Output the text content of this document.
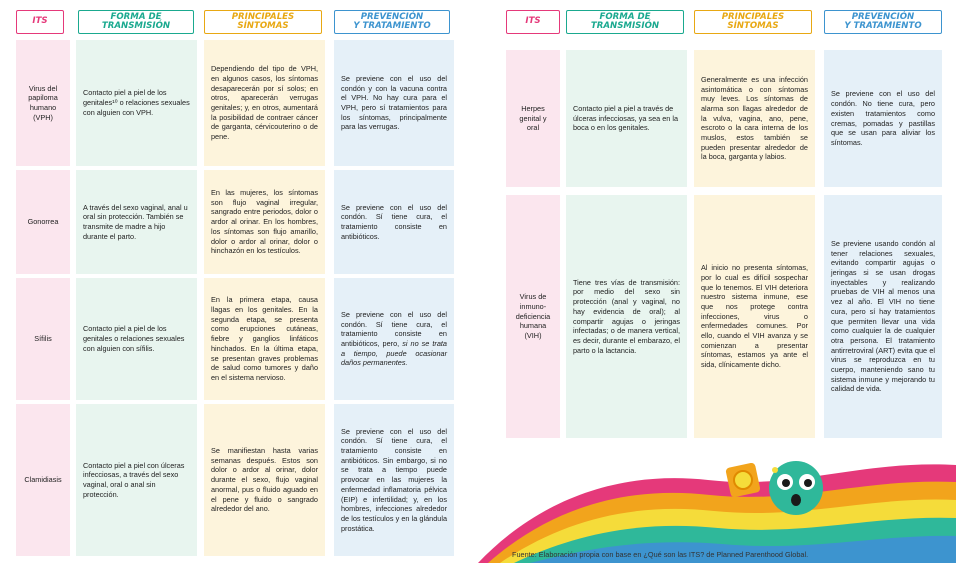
ITS	FORMA DE TRANSMISIÓN
PRINCIPALES SÍNTOMAS
PREVENCIÓN
Y TRATAMIENTO
Virus del papiloma humano (VPH)
Contacto piel a piel de los genitales¹⁰ o relaciones sexuales con alguien con VPH.
Dependiendo del tipo de VPH, en algunos casos, los síntomas desaparecerán por sí solos; en otros, aparecerán verrugas genitales; y, en otros, aumentará la posibilidad de contraer cáncer de garganta, cérvicouterino o de pene.
Se previene con el uso del condón y con la vacuna contra el VPH. No hay cura para el VPH, pero sí tratamientos para los síntomas, principalmente para las verrugas.
Gonorrea
A través del sexo vaginal, anal u oral sin protección. También se transmite de madre a hijo durante el parto.
En las mujeres, los síntomas son flujo vaginal irregular, sangrado entre periodos, dolor o ardor al orinar. En los hombres, los síntomas son flujo amarillo, dolor o ardor al orinar, dolor o hinchazón en los testículos.
Se previene con el uso del condón. Sí tiene cura, el tratamiento consiste en antibióticos.
Sífilis
Contacto piel a piel de los genitales o relaciones sexuales con alguien con sífilis.
En la primera etapa, causa llagas en los genitales. En la segunda etapa, se presenta como erupciones cutáneas, fiebre y ganglios linfáticos hinchados. En la última etapa, se presentan graves problemas de salud como tumores y daño en el sistema nervioso.
Se previene con el uso del condón. Sí tiene cura, el tratamiento consiste en antibióticos, pero, si no se trata a tiempo, puede ocasionar daños permanentes.
Clamidiasis
Contacto piel a piel con úlceras infecciosas, a través del sexo vaginal, oral o anal sin protección.
Se manifiestan hasta varias semanas después. Estos son dolor o ardor al orinar, dolor durante el sexo, flujo vaginal anormal, pus o fluido aguado en el pene y fluido o sangrado alrededor del ano.
Se previene con el uso del condón. Sí tiene cura, el tratamiento consiste en antibióticos. Sin embargo, si no se trata a tiempo puede provocar en las mujeres la enfermedad inflamatoria pélvica (EIP) e infertilidad; y, en los hombres, infecciones alrededor de los testículos y en la glándula prostática.
ITS	FORMA DE TRANSMISIÓN
PRINCIPALES SÍNTOMAS
PREVENCIÓN
Y TRATAMIENTO
Herpes genital y oral
Contacto piel a piel a través de úlceras infecciosas, ya sea en la boca o en los genitales.
Generalmente es una infección asintomática o con síntomas muy leves. Los síntomas de alarma son llagas alrededor de la vulva, vagina, ano, pene, escroto o la cara interna de los muslos, estos también se pueden presentar alrededor de la boca, garganta y labios.
Se previene con el uso del condón. No tiene cura, pero existen tratamientos como cremas, pomadas y pastillas que se usan para aliviar los síntomas.
Virus de inmuno-deficiencia humana (VIH)
Tiene tres vías de transmisión: por medio del sexo sin protección (anal y vaginal, no hay evidencia de oral); al compartir agujas o jeringas infectadas; o de manera vertical, es decir, durante el embarazo, el parto o la lactancia.
Al inicio no presenta síntomas, por lo cual es difícil sospechar que lo tenemos. El VIH deteriora nuestro sistema inmune, ese que nos protege contra infecciones, virus o enfermedades comunes. Por ello, cuando el VIH avanza y se comienzan a presentar síntomas, estamos ya ante el sida, clínicamente dicho.
Se previene usando condón al tener relaciones sexuales, evitando compartir agujas o jeringas si se usan drogas inyectables y realizando pruebas de VIH al menos una vez al año. El VIH no tiene cura, pero sí hay tratamientos que permiten llevar una vida como cualquier la de cualquier otra persona. El tratamiento antirretroviral (ART) evita que el virus se reproduzca en tu cuerpo, manteniendo sano tu sistema inmune y mejorando tu calidad de vida.
Fuente: Elaboración propia con base en ¿Qué son las ITS? de Planned Parenthood Global.
